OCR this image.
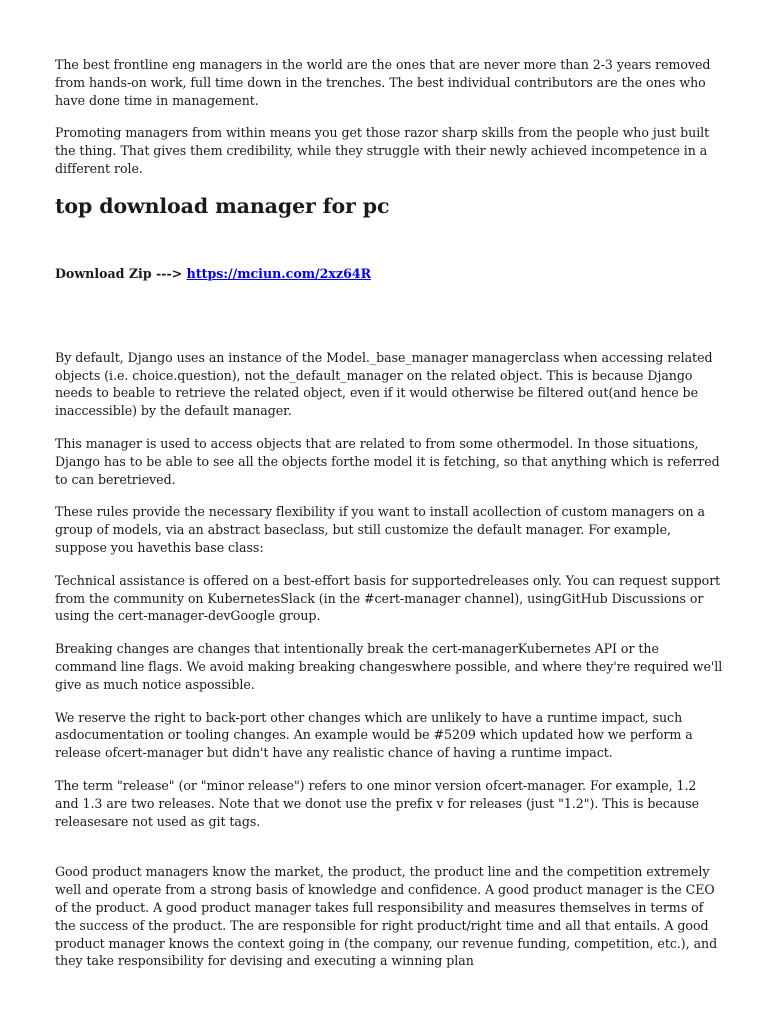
The best frontline eng managers in the world are the ones that are never more than 2-3 years removed from hands-on work, full time down in the trenches. The best individual contributors are the ones who have done time in management.

Promoting managers from within means you get those razor sharp skills from the people who just built the thing. That gives them credibility, while they struggle with their newly achieved incompetence in a different role.

top download manager for pc
Download Zip ---> https://mciun.com/2xz64R

By default, Django uses an instance of the Model._base_manager managerclass when accessing related objects (i.e. choice.question), not the_default_manager on the related object. This is because Django needs to beable to retrieve the related object, even if it would otherwise be filtered out(and hence be inaccessible) by the default manager.

This manager is used to access objects that are related to from some othermodel. In those situations, Django has to be able to see all the objects forthe model it is fetching, so that anything which is referred to can beretrieved.

These rules provide the necessary flexibility if you want to install acollection of custom managers on a group of models, via an abstract baseclass, but still customize the default manager. For example, suppose you havethis base class:

Technical assistance is offered on a best-effort basis for supportedreleases only. You can request support from the community on KubernetesSlack (in the #cert-manager channel), usingGitHub Discussions or using the cert-manager-devGoogle group.

Breaking changes are changes that intentionally break the cert-managerKubernetes API or the command line flags. We avoid making breaking changeswhere possible, and where they're required we'll give as much notice aspossible.

We reserve the right to back-port other changes which are unlikely to have a runtime impact, such asdocumentation or tooling changes. An example would be #5209 which updated how we perform a release ofcert-manager but didn't have any realistic chance of having a runtime impact.

The term "release" (or "minor release") refers to one minor version ofcert-manager. For example, 1.2 and 1.3 are two releases. Note that we donot use the prefix v for releases (just "1.2"). This is because releasesare not used as git tags.

Good product managers know the market, the product, the product line and the competition extremely well and operate from a strong basis of knowledge and confidence. A good product manager is the CEO of the product. A good product manager takes full responsibility and measures themselves in terms of the success of the product. The are responsible for right product/right time and all that entails. A good product manager knows the context going in (the company, our revenue funding, competition, etc.), and they take responsibility for devising and executing a winning plan
